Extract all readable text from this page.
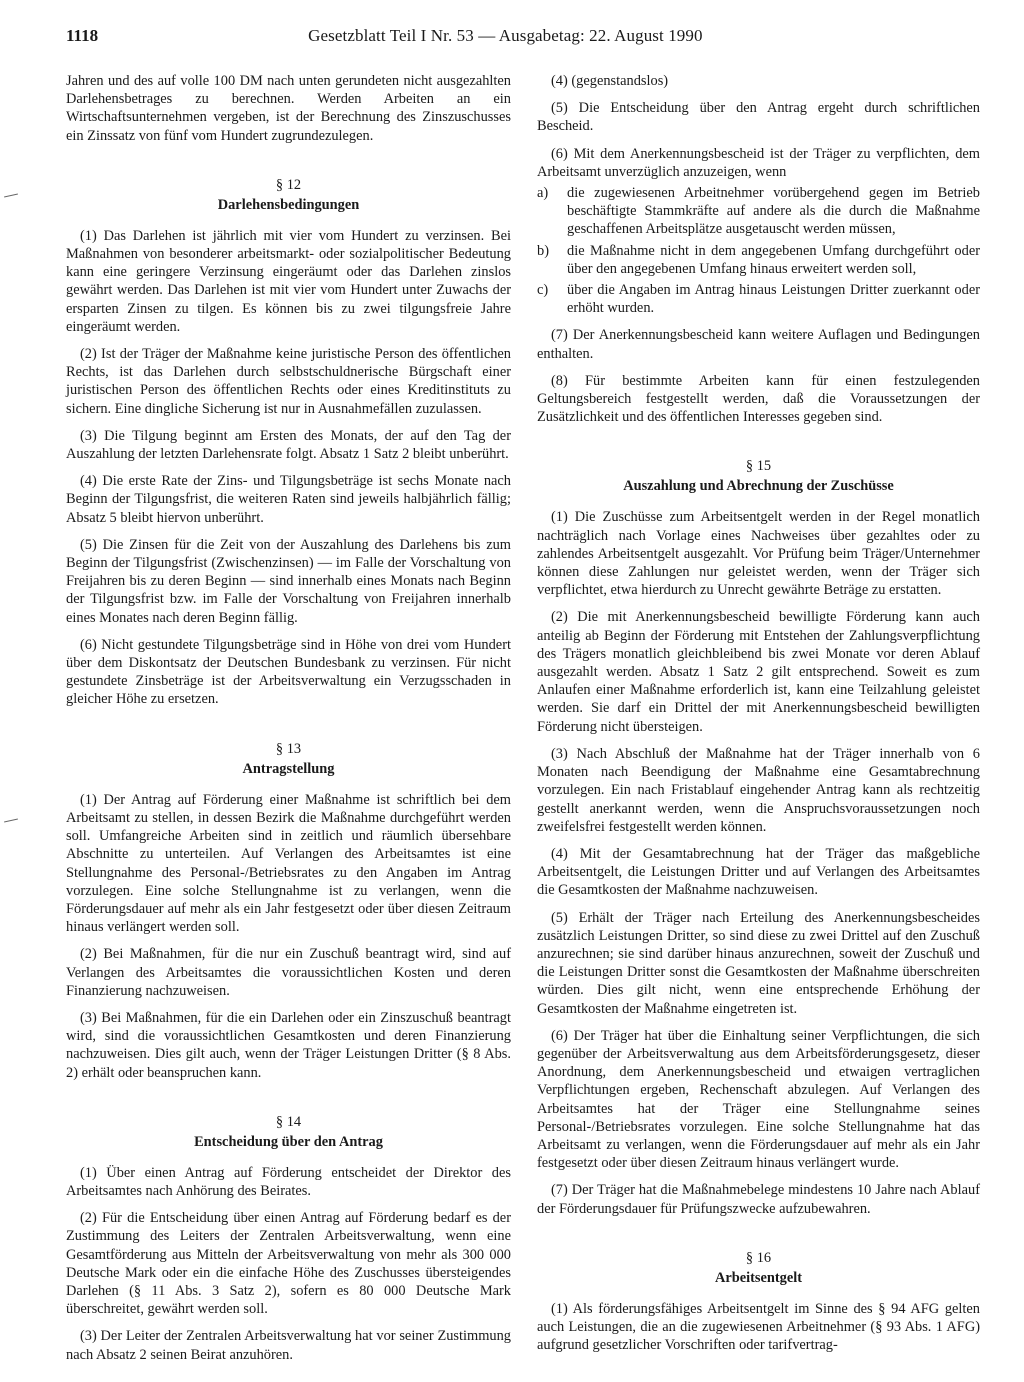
1118	Gesetzblatt Teil I Nr. 53 — Ausgabetag: 22. August 1990

Jahren und des auf volle 100 DM nach unten gerundeten nicht ausgezahlten Darlehensbetrages zu berechnen. Werden Arbeiten an ein Wirtschaftsunternehmen vergeben, ist der Berechnung des Zinszuschusses ein Zinssatz von fünf vom Hundert zugrundezulegen.

§ 12
Darlehensbedingungen

(1) Das Darlehen ist jährlich mit vier vom Hundert zu verzinsen. Bei Maßnahmen von besonderer arbeitsmarkt- oder sozialpolitischer Bedeutung kann eine geringere Verzinsung eingeräumt oder das Darlehen zinslos gewährt werden. Das Darlehen ist mit vier vom Hundert unter Zuwachs der ersparten Zinsen zu tilgen. Es können bis zu zwei tilgungsfreie Jahre eingeräumt werden.

(2) Ist der Träger der Maßnahme keine juristische Person des öffentlichen Rechts, ist das Darlehen durch selbstschuldnerische Bürgschaft einer juristischen Person des öffentlichen Rechts oder eines Kreditinstituts zu sichern. Eine dingliche Sicherung ist nur in Ausnahmefällen zuzulassen.

(3) Die Tilgung beginnt am Ersten des Monats, der auf den Tag der Auszahlung der letzten Darlehensrate folgt. Absatz 1 Satz 2 bleibt unberührt.

(4) Die erste Rate der Zins- und Tilgungsbeträge ist sechs Monate nach Beginn der Tilgungsfrist, die weiteren Raten sind jeweils halbjährlich fällig; Absatz 5 bleibt hiervon unberührt.

(5) Die Zinsen für die Zeit von der Auszahlung des Darlehens bis zum Beginn der Tilgungsfrist (Zwischenzinsen) — im Falle der Vorschaltung von Freijahren bis zu deren Beginn — sind innerhalb eines Monats nach Beginn der Tilgungsfrist bzw. im Falle der Vorschaltung von Freijahren innerhalb eines Monates nach deren Beginn fällig.

(6) Nicht gestundete Tilgungsbeträge sind in Höhe von drei vom Hundert über dem Diskontsatz der Deutschen Bundesbank zu verzinsen. Für nicht gestundete Zinsbeträge ist der Arbeitsverwaltung ein Verzugsschaden in gleicher Höhe zu ersetzen.

§ 13
Antragstellung

(1) Der Antrag auf Förderung einer Maßnahme ist schriftlich bei dem Arbeitsamt zu stellen, in dessen Bezirk die Maßnahme durchgeführt werden soll. Umfangreiche Arbeiten sind in zeitlich und räumlich übersehbare Abschnitte zu unterteilen. Auf Verlangen des Arbeitsamtes ist eine Stellungnahme des Personal-/Betriebsrates zu den Angaben im Antrag vorzulegen. Eine solche Stellungnahme ist zu verlangen, wenn die Förderungsdauer auf mehr als ein Jahr festgesetzt oder über diesen Zeitraum hinaus verlängert werden soll.

(2) Bei Maßnahmen, für die nur ein Zuschuß beantragt wird, sind auf Verlangen des Arbeitsamtes die voraussichtlichen Kosten und deren Finanzierung nachzuweisen.

(3) Bei Maßnahmen, für die ein Darlehen oder ein Zinszuschuß beantragt wird, sind die voraussichtlichen Gesamtkosten und deren Finanzierung nachzuweisen. Dies gilt auch, wenn der Träger Leistungen Dritter (§ 8 Abs. 2) erhält oder beanspruchen kann.

§ 14
Entscheidung über den Antrag

(1) Über einen Antrag auf Förderung entscheidet der Direktor des Arbeitsamtes nach Anhörung des Beirates.

(2) Für die Entscheidung über einen Antrag auf Förderung bedarf es der Zustimmung des Leiters der Zentralen Arbeitsverwaltung, wenn eine Gesamtförderung aus Mitteln der Arbeitsverwaltung von mehr als 300 000 Deutsche Mark oder ein die einfache Höhe des Zuschusses übersteigendes Darlehen (§ 11 Abs. 3 Satz 2), sofern es 80 000 Deutsche Mark überschreitet, gewährt werden soll.

(3) Der Leiter der Zentralen Arbeitsverwaltung hat vor seiner Zustimmung nach Absatz 2 seinen Beirat anzuhören.

(4) (gegenstandslos)

(5) Die Entscheidung über den Antrag ergeht durch schriftlichen Bescheid.

(6) Mit dem Anerkennungsbescheid ist der Träger zu verpflichten, dem Arbeitsamt unverzüglich anzuzeigen, wenn

a)	die zugewiesenen Arbeitnehmer vorübergehend gegen im Betrieb beschäftigte Stammkräfte auf andere als die durch die Maßnahme geschaffenen Arbeitsplätze ausgetauscht werden müssen,
b)	die Maßnahme nicht in dem angegebenen Umfang durchgeführt oder über den angegebenen Umfang hinaus erweitert werden soll,
c)	über die Angaben im Antrag hinaus Leistungen Dritter zuerkannt oder erhöht wurden.

(7) Der Anerkennungsbescheid kann weitere Auflagen und Bedingungen enthalten.

(8) Für bestimmte Arbeiten kann für einen festzulegenden Geltungsbereich festgestellt werden, daß die Voraussetzungen der Zusätzlichkeit und des öffentlichen Interesses gegeben sind.

§ 15
Auszahlung und Abrechnung der Zuschüsse

(1) Die Zuschüsse zum Arbeitsentgelt werden in der Regel monatlich nachträglich nach Vorlage eines Nachweises über gezahltes oder zu zahlendes Arbeitsentgelt ausgezahlt. Vor Prüfung beim Träger/Unternehmer können diese Zahlungen nur geleistet werden, wenn der Träger sich verpflichtet, etwa hierdurch zu Unrecht gewährte Beträge zu erstatten.

(2) Die mit Anerkennungsbescheid bewilligte Förderung kann auch anteilig ab Beginn der Förderung mit Entstehen der Zahlungsverpflichtung des Trägers monatlich gleichbleibend bis zwei Monate vor deren Ablauf ausgezahlt werden. Absatz 1 Satz 2 gilt entsprechend. Soweit es zum Anlaufen einer Maßnahme erforderlich ist, kann eine Teilzahlung geleistet werden. Sie darf ein Drittel der mit Anerkennungsbescheid bewilligten Förderung nicht übersteigen.

(3) Nach Abschluß der Maßnahme hat der Träger innerhalb von 6 Monaten nach Beendigung der Maßnahme eine Gesamtabrechnung vorzulegen. Ein nach Fristablauf eingehender Antrag kann als rechtzeitig gestellt anerkannt werden, wenn die Anspruchsvoraussetzungen noch zweifelsfrei festgestellt werden können.

(4) Mit der Gesamtabrechnung hat der Träger das maßgebliche Arbeitsentgelt, die Leistungen Dritter und auf Verlangen des Arbeitsamtes die Gesamtkosten der Maßnahme nachzuweisen.

(5) Erhält der Träger nach Erteilung des Anerkennungsbescheides zusätzlich Leistungen Dritter, so sind diese zu zwei Drittel auf den Zuschuß anzurechnen; sie sind darüber hinaus anzurechnen, soweit der Zuschuß und die Leistungen Dritter sonst die Gesamtkosten der Maßnahme überschreiten würden. Dies gilt nicht, wenn eine entsprechende Erhöhung der Gesamtkosten der Maßnahme eingetreten ist.

(6) Der Träger hat über die Einhaltung seiner Verpflichtungen, die sich gegenüber der Arbeitsverwaltung aus dem Arbeitsförderungsgesetz, dieser Anordnung, dem Anerkennungsbescheid und etwaigen vertraglichen Verpflichtungen ergeben, Rechenschaft abzulegen. Auf Verlangen des Arbeitsamtes hat der Träger eine Stellungnahme seines Personal-/Betriebsrates vorzulegen. Eine solche Stellungnahme hat das Arbeitsamt zu verlangen, wenn die Förderungsdauer auf mehr als ein Jahr festgesetzt oder über diesen Zeitraum hinaus verlängert wurde.

(7) Der Träger hat die Maßnahmebelege mindestens 10 Jahre nach Ablauf der Förderungsdauer für Prüfungszwecke aufzubewahren.

§ 16
Arbeitsentgelt

(1) Als förderungsfähiges Arbeitsentgelt im Sinne des § 94 AFG gelten auch Leistungen, die an die zugewiesenen Arbeitnehmer (§ 93 Abs. 1 AFG) aufgrund gesetzlicher Vorschriften oder tarifvertrag-
